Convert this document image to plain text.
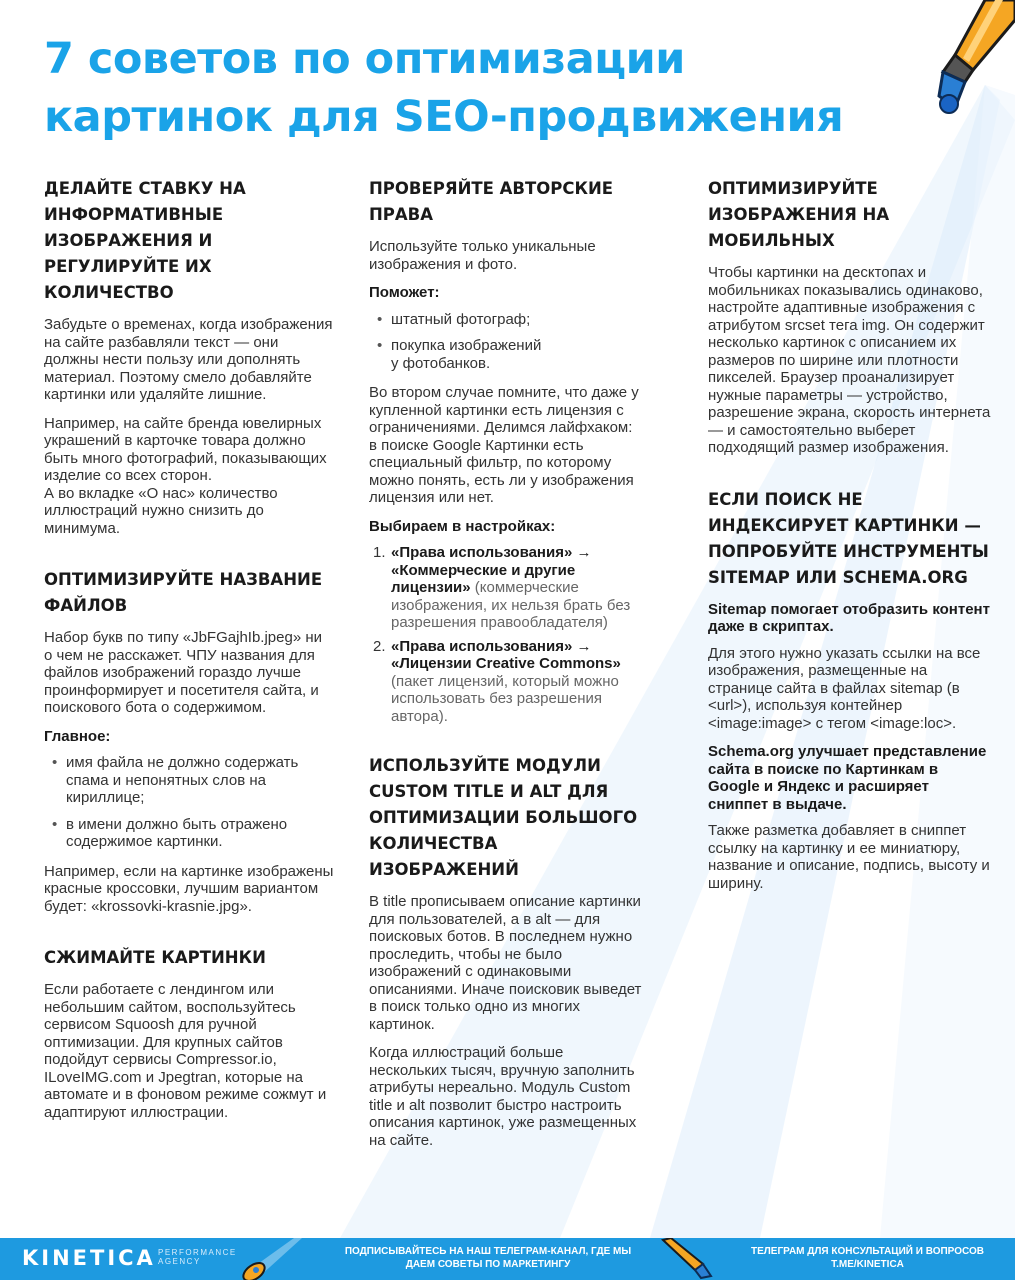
7 советов по оптимизации картинок для SEO-продвижения
ДЕЛАЙТЕ СТАВКУ НА ИНФОРМАТИВНЫЕ ИЗОБРАЖЕНИЯ И РЕГУЛИРУЙТЕ ИХ КОЛИЧЕСТВО

Забудьте о временах, когда изображения на сайте разбавляли текст — они должны нести пользу или дополнять материал. Поэтому смело добавляйте картинки или удаляйте лишние.

Например, на сайте бренда ювелирных украшений в карточке товара должно быть много фотографий, показывающих изделие со всех сторон.
А во вкладке «О нас» количество иллюстраций нужно снизить до минимума.

ОПТИМИЗИРУЙТЕ НАЗВАНИЕ ФАЙЛОВ

Набор букв по типу «JbFGajhIb.jpeg» ни о чем не расскажет. ЧПУ названия для файлов изображений гораздо лучше проинформирует и посетителя сайта, и поискового бота о содержимом.

Главное:

• имя файла не должно содержать спама и непонятных слов на кириллице;
• в имени должно быть отражено содержимое картинки.

Например, если на картинке изображены красные кроссовки, лучшим вариантом будет: «krossovki-krasnie.jpg».

СЖИМАЙТЕ КАРТИНКИ

Если работаете с лендингом или небольшим сайтом, воспользуйтесь сервисом Squoosh для ручной оптимизации. Для крупных сайтов подойдут сервисы Compressor.io, ILoveIMG.com и Jpegtran, которые на автомате и в фоновом режиме сожмут и адаптируют иллюстрации.

ПРОВЕРЯЙТЕ АВТОРСКИЕ ПРАВА

Используйте только уникальные изображения и фото.

Поможет:

• штатный фотограф;
• покупка изображений
у фотобанков.

Во втором случае помните, что даже у купленной картинки есть лицензия с ограничениями. Делимся лайфхаком: в поиске Google Картинки есть специальный фильтр, по которому можно понять, есть ли у изображения лицензия или нет.

Выбираем в настройках:

1. «Права использования» → «Коммерческие и другие лицензии» (коммерческие изображения, их нельзя брать без разрешения правообладателя)
2. «Права использования» → «Лицензии Creative Commons» (пакет лицензий, который можно использовать без разрешения автора).
ИСПОЛЬЗУЙТЕ МОДУЛИ CUSTOM TITLE И ALT ДЛЯ ОПТИМИЗАЦИИ БОЛЬШОГО КОЛИЧЕСТВА ИЗОБРАЖЕНИЙ

В title прописываем описание картинки для пользователей, а в alt — для поисковых ботов. В последнем нужно проследить, чтобы не было изображений с одинаковыми описаниями. Иначе поисковик выведет в поиск только одно из многих картинок.

Когда иллюстраций больше нескольких тысяч, вручную заполнить атрибуты нереально. Модуль Custom title и alt позволит быстро настроить описания картинок, уже размещенных на сайте.

ОПТИМИЗИРУЙТЕ ИЗОБРАЖЕНИЯ НА МОБИЛЬНЫХ

Чтобы картинки на десктопах и мобильниках показывались одинаково, настройте адаптивные изображения с атрибутом srcset тега img. Он содержит несколько картинок с описанием их размеров по ширине или плотности пикселей. Браузер проанализирует нужные параметры — устройство, разрешение экрана, скорость интернета — и самостоятельно выберет подходящий размер изображения.

ЕСЛИ ПОИСК НЕ ИНДЕКСИРУЕТ КАРТИНКИ — ПОПРОБУЙТЕ ИНСТРУМЕНТЫ SITEMAP ИЛИ SCHEMA.ORG

Sitemap помогает отобразить контент даже в скриптах.

Для этого нужно указать ссылки на все изображения, размещенные на странице сайта в файлах sitemap (в <url>), используя контейнер <image:image> с тегом <image:loc>.

Schema.org улучшает представление сайта в поиске по Картинкам в Google и Яндекс и расширяет сниппет в выдаче.

Также разметка добавляет в сниппет ссылку на картинку и ее миниатюру, название и описание, подпись, высоту и ширину.

KINETICA PERFORMANCE
AGENCY
ПОДПИСЫВАЙТЕСЬ НА НАШ ТЕЛЕГРАМ-КАНАЛ, ГДЕ МЫ
ДАЕМ СОВЕТЫ ПО МАРКЕТИНГУ
ТЕЛЕГРАМ ДЛЯ КОНСУЛЬТАЦИЙ И ВОПРОСОВ
T.ME/KINETICA
